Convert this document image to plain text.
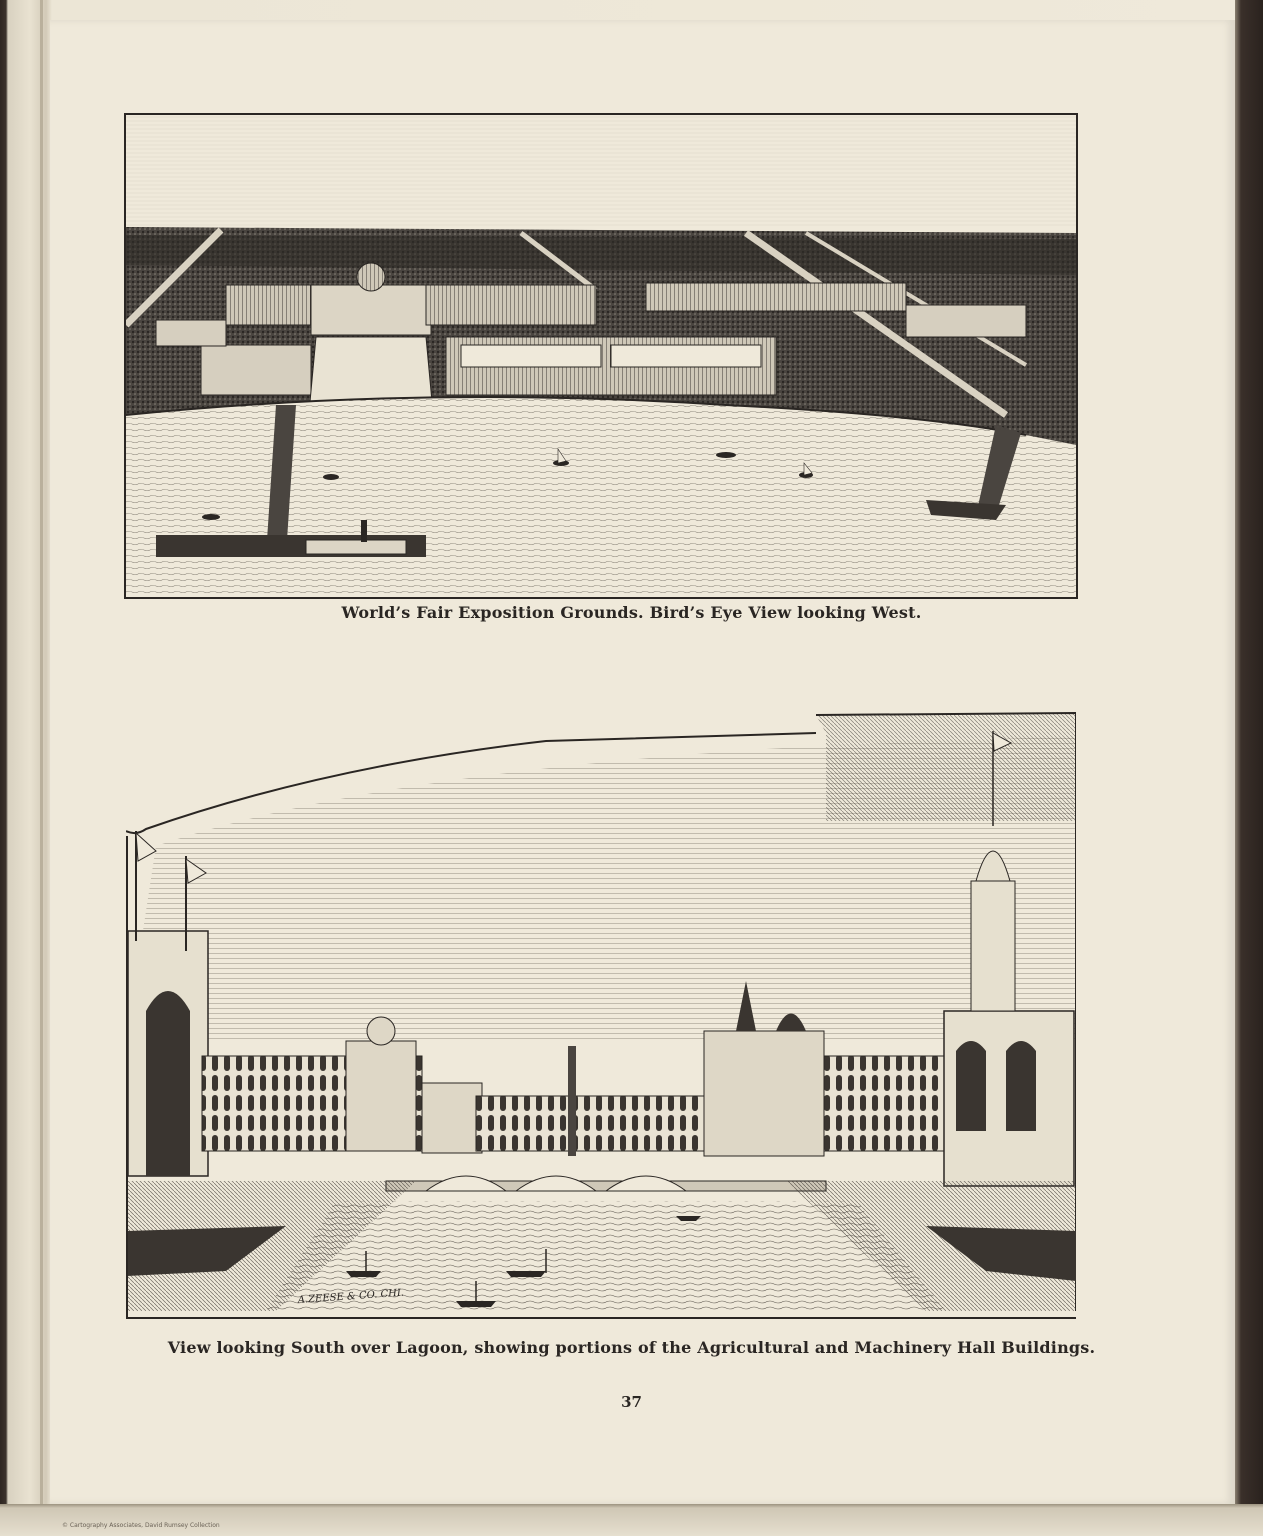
World’s Fair Exposition Grounds. Bird’s Eye View looking West.
A.ZEESE & CO. CHI.
View looking South over Lagoon, showing portions of the Agricultural and Machinery Hall Buildings.
37
© Cartography Associates, David Rumsey Collection
